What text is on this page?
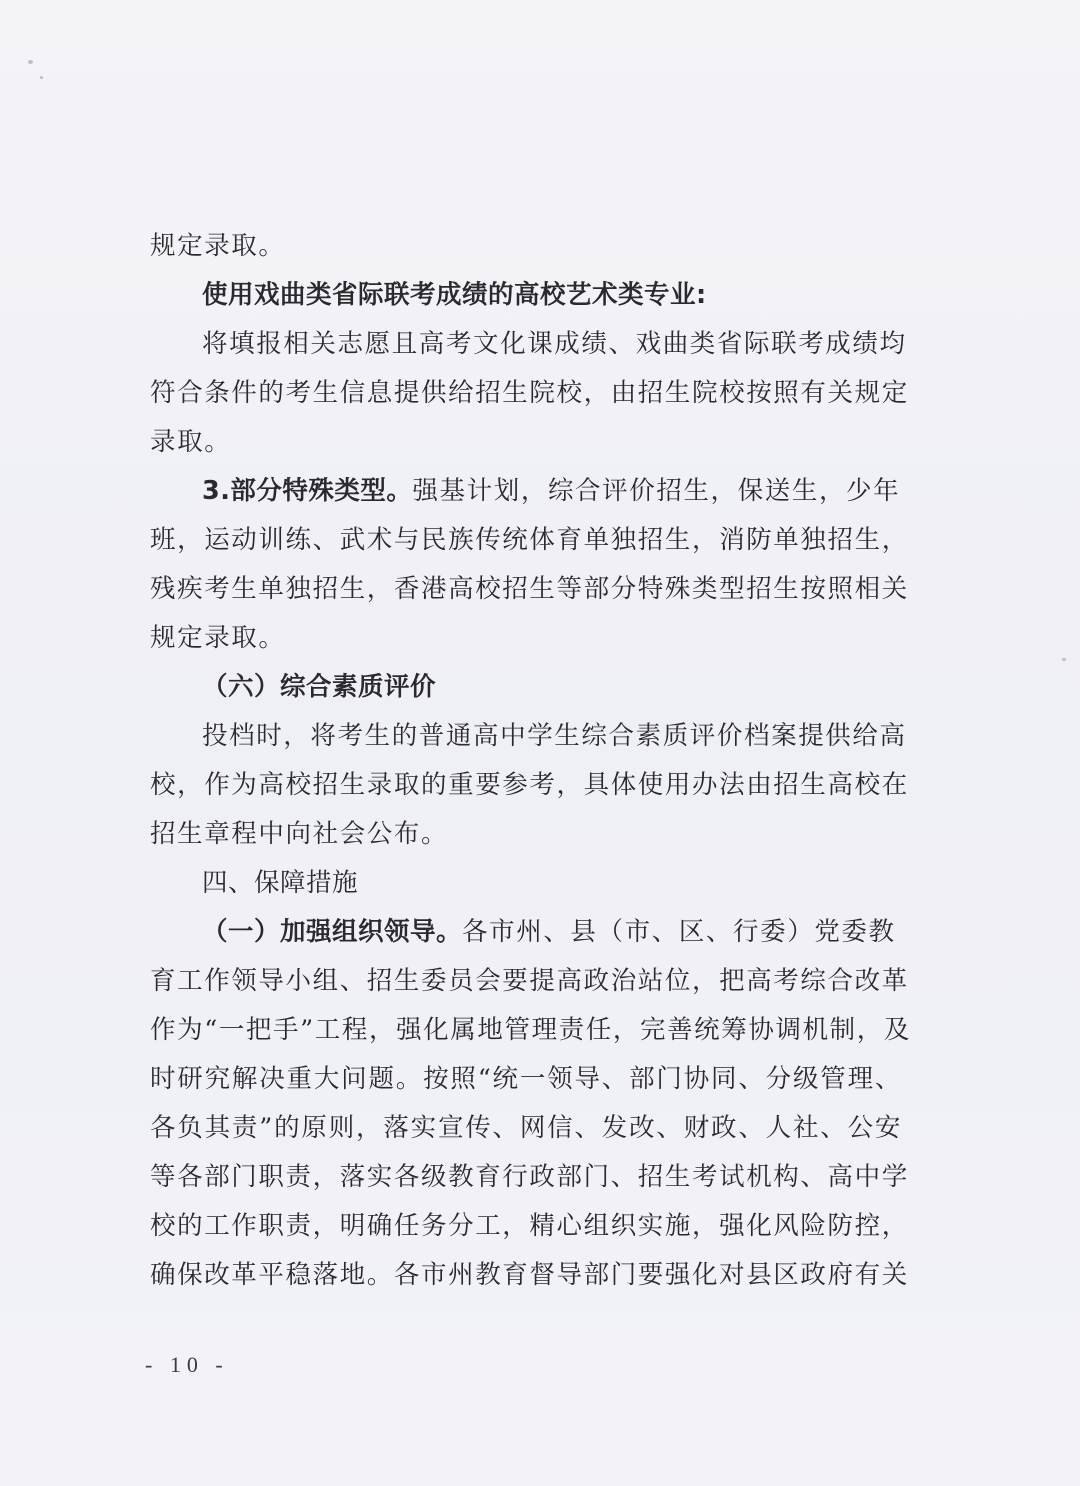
规定录取。
使用戏曲类省际联考成绩的高校艺术类专业:
将填报相关志愿且高考文化课成绩、戏曲类省际联考成绩均
符合条件的考生信息提供给招生院校，由招生院校按照有关规定
录取。
3.部分特殊类型。强基计划，综合评价招生，保送生，少年
班，运动训练、武术与民族传统体育单独招生，消防单独招生，
残疾考生单独招生，香港高校招生等部分特殊类型招生按照相关
规定录取。
（六）综合素质评价
投档时，将考生的普通高中学生综合素质评价档案提供给高
校，作为高校招生录取的重要参考，具体使用办法由招生高校在
招生章程中向社会公布。
四、保障措施
（一）加强组织领导。各市州、县（市、区、行委）党委教
育工作领导小组、招生委员会要提高政治站位，把高考综合改革
作为“一把手”工程，强化属地管理责任，完善统筹协调机制，及
时研究解决重大问题。按照“统一领导、部门协同、分级管理、
各负其责”的原则，落实宣传、网信、发改、财政、人社、公安
等各部门职责，落实各级教育行政部门、招生考试机构、高中学
校的工作职责，明确任务分工，精心组织实施，强化风险防控，
确保改革平稳落地。各市州教育督导部门要强化对县区政府有关
- 10 -
